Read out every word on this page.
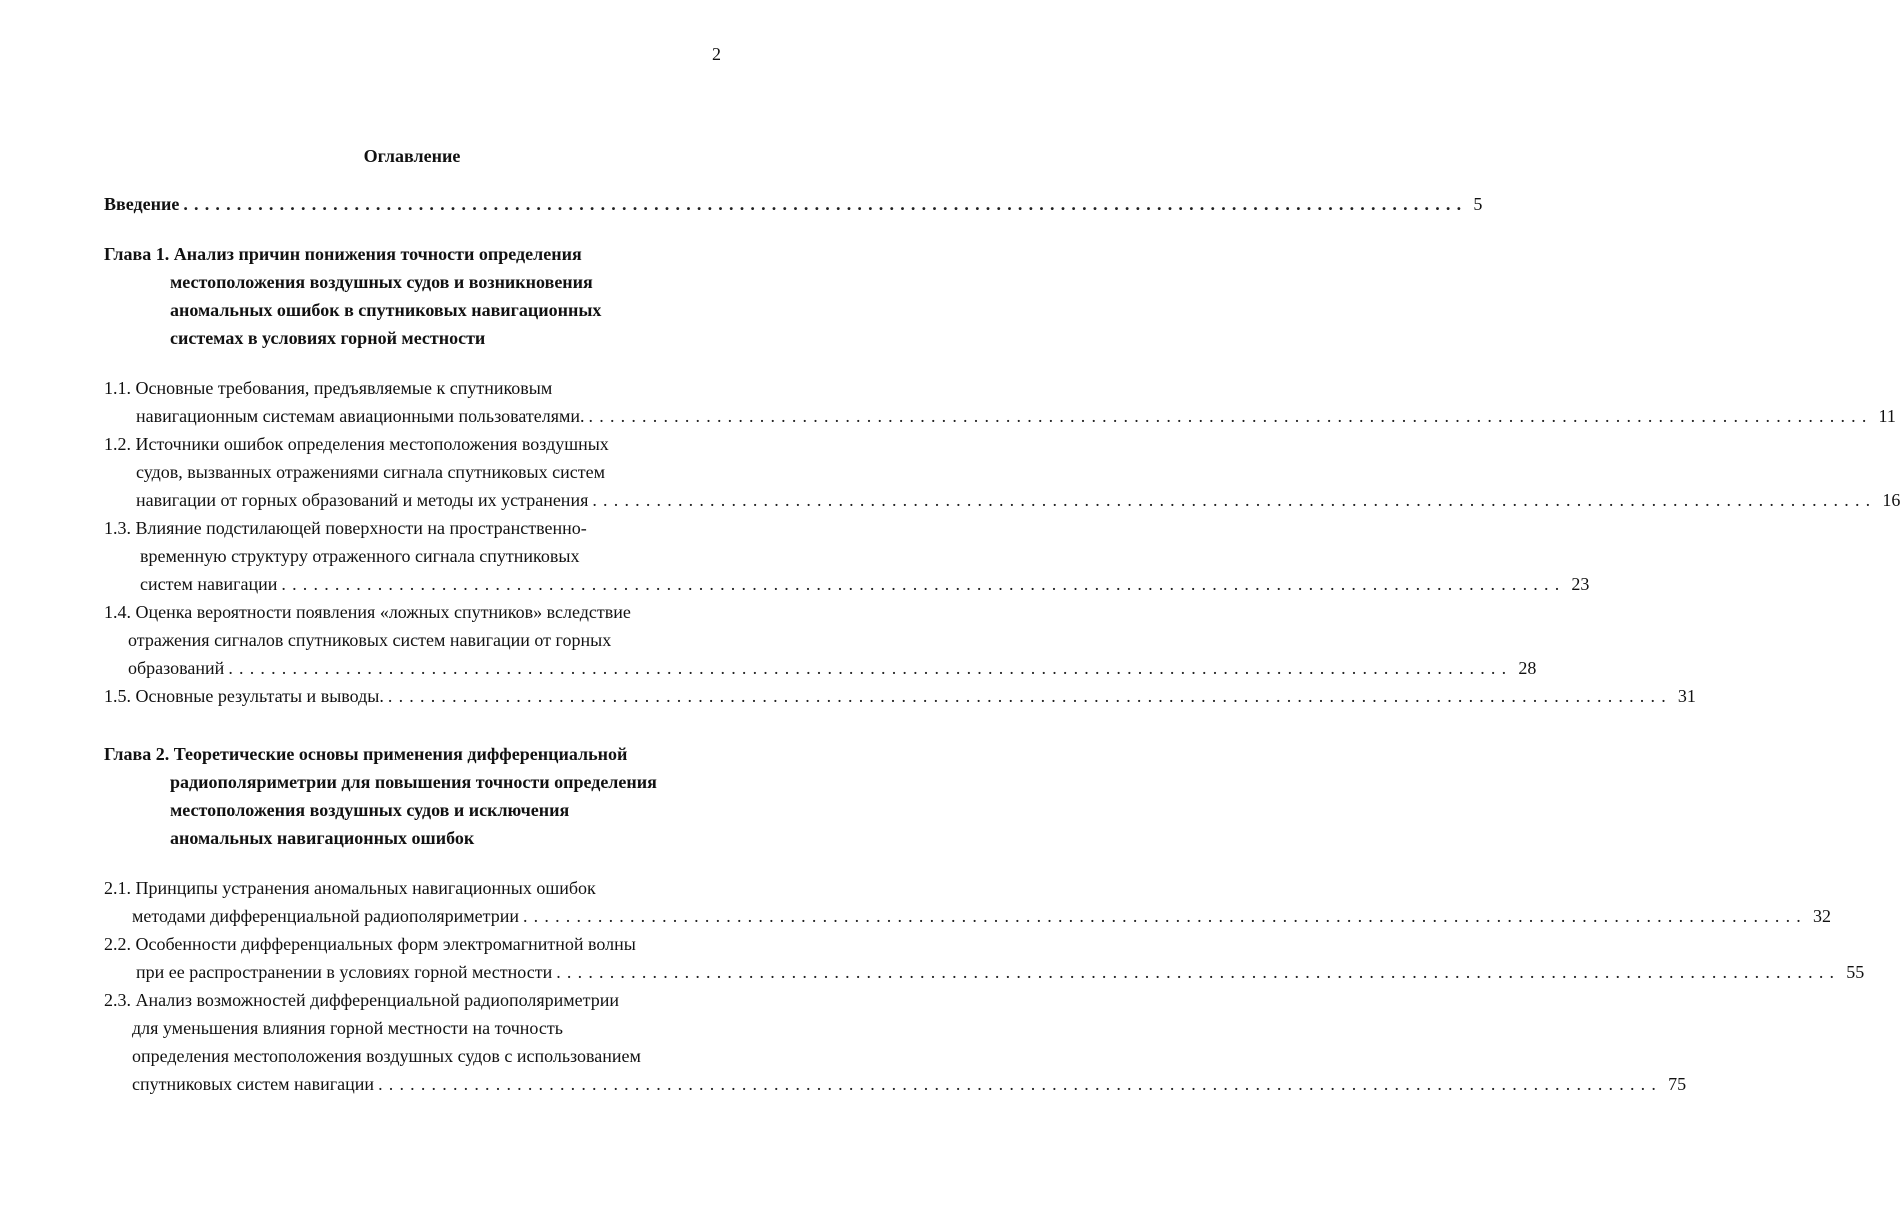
2
Оглавление
Введение ........................................................................................................................ 5
Глава 1. Анализ причин понижения точности определения
местоположения воздушных судов и возникновения
аномальных ошибок в спутниковых навигационных
системах в условиях горной местности
1.1. Основные требования, предъявляемые к спутниковым
навигационным системам авиационными пользователями. ........................................................................................................................ 11
1.2. Источники ошибок определения местоположения воздушных
судов, вызванных отражениями сигнала спутниковых систем
навигации от горных образований и методы их устранения ........................................................................................................................ 16
1.3. Влияние подстилающей поверхности на пространственно-
временную структуру отраженного сигнала спутниковых
систем навигации ........................................................................................................................ 23
1.4. Оценка вероятности появления «ложных спутников» вследствие
отражения сигналов спутниковых систем навигации от горных
образований ........................................................................................................................ 28
1.5. Основные результаты и выводы. ........................................................................................................................ 31
Глава 2. Теоретические основы применения дифференциальной
радиополяриметрии для повышения точности определения
местоположения воздушных судов и исключения
аномальных навигационных ошибок
2.1. Принципы устранения аномальных навигационных ошибок
методами дифференциальной радиополяриметрии ........................................................................................................................ 32
2.2. Особенности дифференциальных форм электромагнитной волны
при ее распространении в условиях горной местности ........................................................................................................................ 55
2.3. Анализ возможностей дифференциальной радиополяриметрии
для уменьшения влияния горной местности на точность
определения местоположения воздушных судов с использованием
спутниковых систем навигации ........................................................................................................................ 75
